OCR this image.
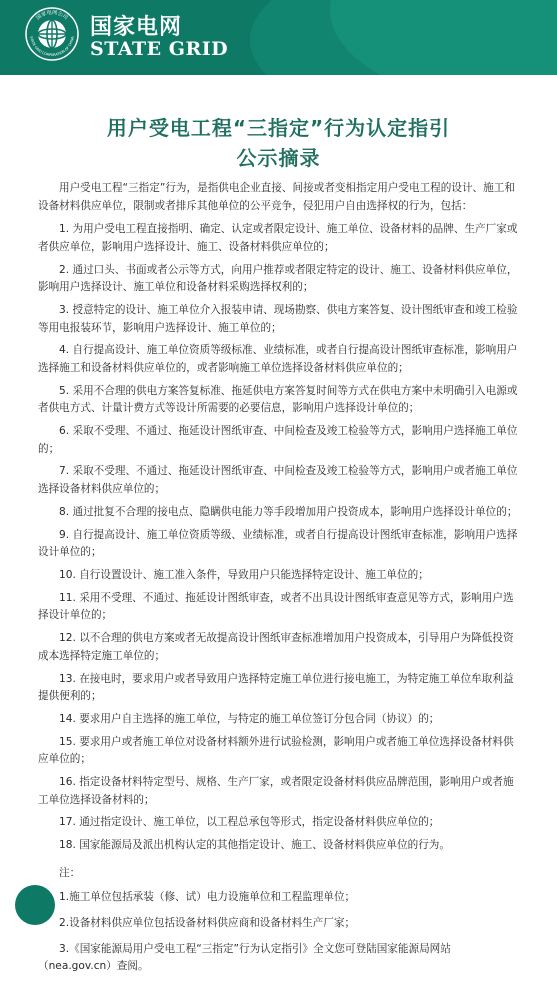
国家电网公司
STATE GRID CORPORATION OF CHINA 国家电网
STATE GRID
用户受电工程“三指定”行为认定指引
公示摘录

用户受电工程“三指定”行为，是指供电企业直接、间接或者变相指定用户受电工程的设计、施工和设备材料供应单位，限制或者排斥其他单位的公平竞争，侵犯用户自由选择权的行为，包括：

1. 为用户受电工程直接指明、确定、认定或者限定设计、施工单位、设备材料的品牌、生产厂家或者供应单位，影响用户选择设计、施工、设备材料供应单位的；

2. 通过口头、书面或者公示等方式，向用户推荐或者限定特定的设计、施工、设备材料供应单位，影响用户选择设计、施工单位和设备材料采购选择权利的；

3. 授意特定的设计、施工单位介入报装申请、现场勘察、供电方案答复、设计图纸审查和竣工检验等用电报装环节，影响用户选择设计、施工单位的；

4. 自行提高设计、施工单位资质等级标准、业绩标准，或者自行提高设计图纸审查标准，影响用户选择施工和设备材料供应单位的，或者影响施工单位选择设备材料供应单位的；

5. 采用不合理的供电方案答复标准、拖延供电方案答复时间等方式在供电方案中未明确引入电源或者供电方式、计量计费方式等设计所需要的必要信息，影响用户选择设计单位的；

6. 采取不受理、不通过、拖延设计图纸审查、中间检查及竣工检验等方式，影响用户选择施工单位的；

7. 采取不受理、不通过、拖延设计图纸审查、中间检查及竣工检验等方式，影响用户或者施工单位选择设备材料供应单位的；

8. 通过批复不合理的接电点、隐瞒供电能力等手段增加用户投资成本，影响用户选择设计单位的；

9. 自行提高设计、施工单位资质等级、业绩标准，或者自行提高设计图纸审查标准，影响用户选择设计单位的；

10. 自行设置设计、施工准入条件，导致用户只能选择特定设计、施工单位的；

11. 采用不受理、不通过、拖延设计图纸审查，或者不出具设计图纸审查意见等方式，影响用户选择设计单位的；

12. 以不合理的供电方案或者无故提高设计图纸审查标准增加用户投资成本，引导用户为降低投资成本选择特定施工单位的；

13. 在接电时，要求用户或者导致用户选择特定施工单位进行接电施工，为特定施工单位牟取利益提供便利的；

14. 要求用户自主选择的施工单位，与特定的施工单位签订分包合同（协议）的；

15. 要求用户或者施工单位对设备材料额外进行试验检测，影响用户或者施工单位选择设备材料供应单位的；

16. 指定设备材料特定型号、规格、生产厂家，或者限定设备材料供应品牌范围，影响用户或者施工单位选择设备材料的；

17. 通过指定设计、施工单位，以工程总承包等形式，指定设备材料供应单位的；

18. 国家能源局及派出机构认定的其他指定设计、施工、设备材料供应单位的行为。

注：

1.施工单位包括承装（修、试）电力设施单位和工程监理单位；

2.设备材料供应单位包括设备材料供应商和设备材料生产厂家；

3.《国家能源局用户受电工程“三指定”行为认定指引》全文您可登陆国家能源局网站（nea.gov.cn）查阅。
